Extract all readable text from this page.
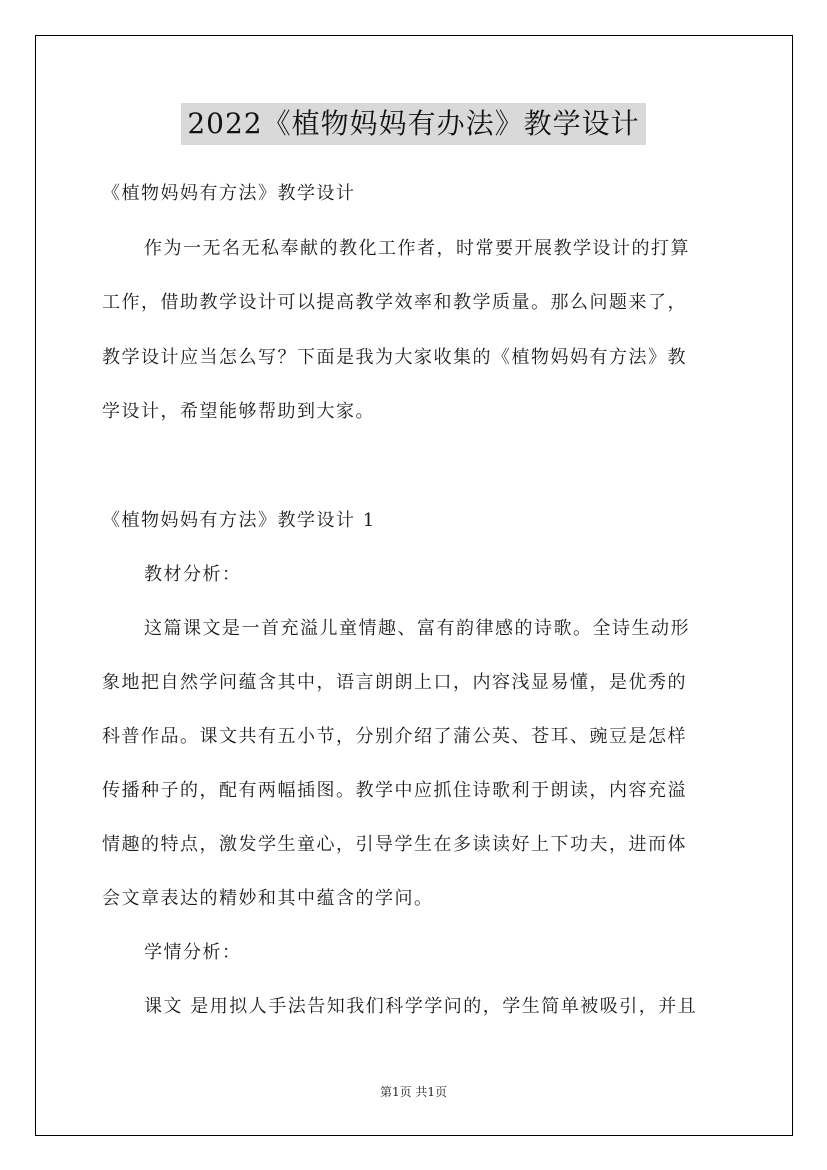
2022《植物妈妈有办法》教学设计
《植物妈妈有方法》教学设计
作为一无名无私奉献的教化工作者，时常要开展教学设计的打算
工作，借助教学设计可以提高教学效率和教学质量。那么问题来了，
教学设计应当怎么写？下面是我为大家收集的《植物妈妈有方法》教
学设计，希望能够帮助到大家。
《植物妈妈有方法》教学设计 1
教材分析：
这篇课文是一首充溢儿童情趣、富有韵律感的诗歌。全诗生动形
象地把自然学问蕴含其中，语言朗朗上口，内容浅显易懂，是优秀的
科普作品。课文共有五小节，分别介绍了蒲公英、苍耳、豌豆是怎样
传播种子的，配有两幅插图。教学中应抓住诗歌利于朗读，内容充溢
情趣的特点，激发学生童心，引导学生在多读读好上下功夫，进而体
会文章表达的精妙和其中蕴含的学问。
学情分析：
课文 是用拟人手法告知我们科学学问的，学生简单被吸引，并且
第1页 共1页
